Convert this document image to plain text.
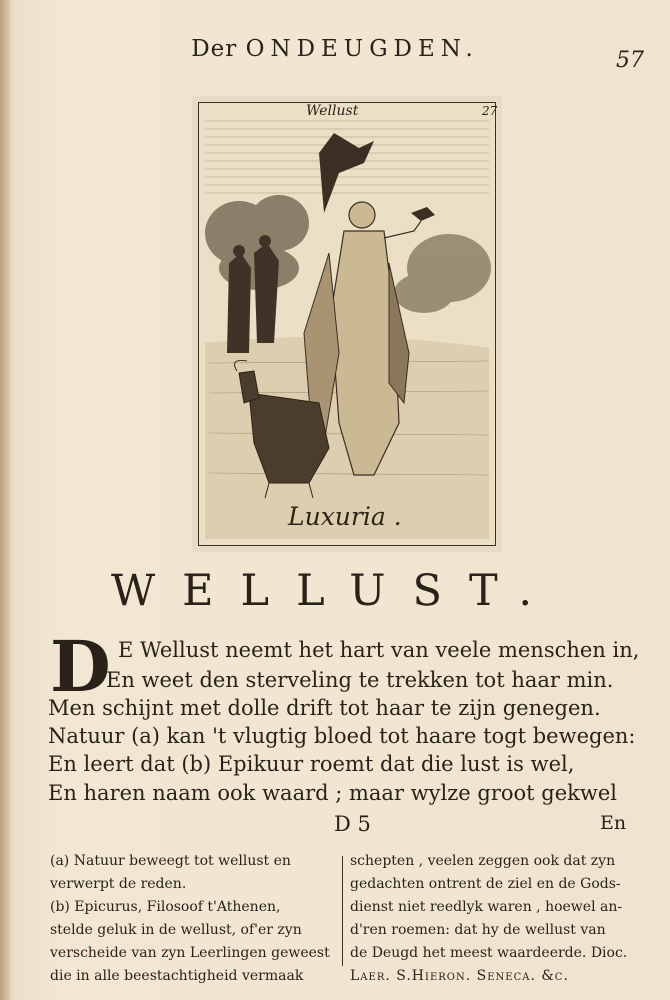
Der ONDEUGDEN.	57
Wellust	27
Luxuria .
WELLUST.
D E Wellust neemt het hart van veele menschen in,
En weet den sterveling te trekken tot haar min.
Men schijnt met dolle drift tot haar te zijn genegen.
Natuur (a) kan 't vlugtig bloed tot haare togt bewegen:
En leert dat (b) Epikuur roemt dat die lust is wel,
En haren naam ook waard ; maar wylze groot gekwel
D 5	En
(a) Natuur beweegt tot wellust en
verwerpt de reden.
(b) Epicurus, Filosoof t'Athenen,
stelde geluk in de wellust, of'er zyn
verscheide van zyn Leerlingen geweest
die in alle beestachtigheid vermaak
schepten , veelen zeggen ook dat zyn
gedachten ontrent de ziel en de Gods-
dienst niet reedlyk waren , hoewel an-
d'ren roemen: dat hy de wellust van
de Deugd het meest waardeerde. Dioc.
Laer. S.Hieron. Seneca. &c.
